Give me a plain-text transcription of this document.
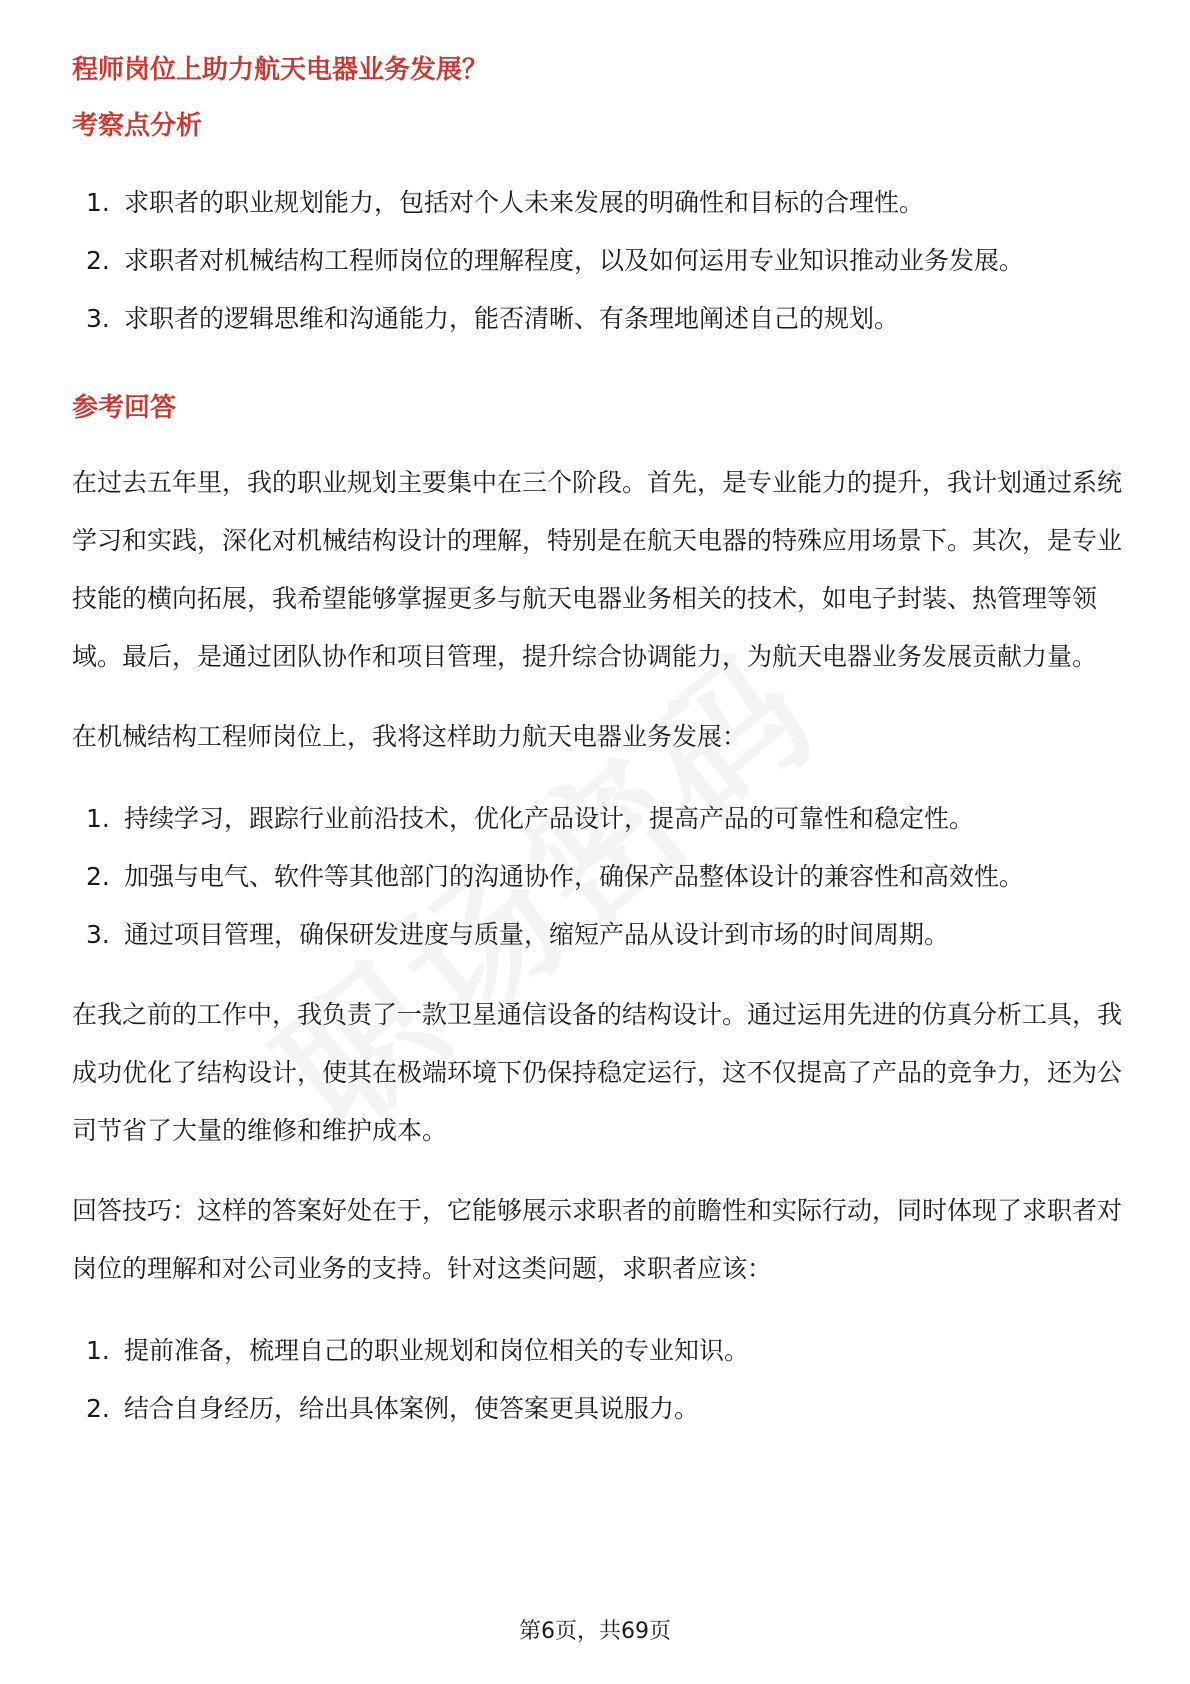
程师岗位上助力航天电器业务发展？
考察点分析
1. 求职者的职业规划能力，包括对个人未来发展的明确性和目标的合理性。
2. 求职者对机械结构工程师岗位的理解程度，以及如何运用专业知识推动业务发展。
3. 求职者的逻辑思维和沟通能力，能否清晰、有条理地阐述自己的规划。
参考回答

在过去五年里，我的职业规划主要集中在三个阶段。首先，是专业能力的提升，我计划通过系统学习和实践，深化对机械结构设计的理解，特别是在航天电器的特殊应用场景下。其次，是专业技能的横向拓展，我希望能够掌握更多与航天电器业务相关的技术，如电子封装、热管理等领域。最后，是通过团队协作和项目管理，提升综合协调能力，为航天电器业务发展贡献力量。

在机械结构工程师岗位上，我将这样助力航天电器业务发展：

1. 持续学习，跟踪行业前沿技术，优化产品设计，提高产品的可靠性和稳定性。
2. 加强与电气、软件等其他部门的沟通协作，确保产品整体设计的兼容性和高效性。
3. 通过项目管理，确保研发进度与质量，缩短产品从设计到市场的时间周期。

在我之前的工作中，我负责了一款卫星通信设备的结构设计。通过运用先进的仿真分析工具，我成功优化了结构设计，使其在极端环境下仍保持稳定运行，这不仅提高了产品的竞争力，还为公司节省了大量的维修和维护成本。

回答技巧：这样的答案好处在于，它能够展示求职者的前瞻性和实际行动，同时体现了求职者对岗位的理解和对公司业务的支持。针对这类问题，求职者应该：

1. 提前准备，梳理自己的职业规划和岗位相关的专业知识。
2. 结合自身经历，给出具体案例，使答案更具说服力。
第6页，共69页
